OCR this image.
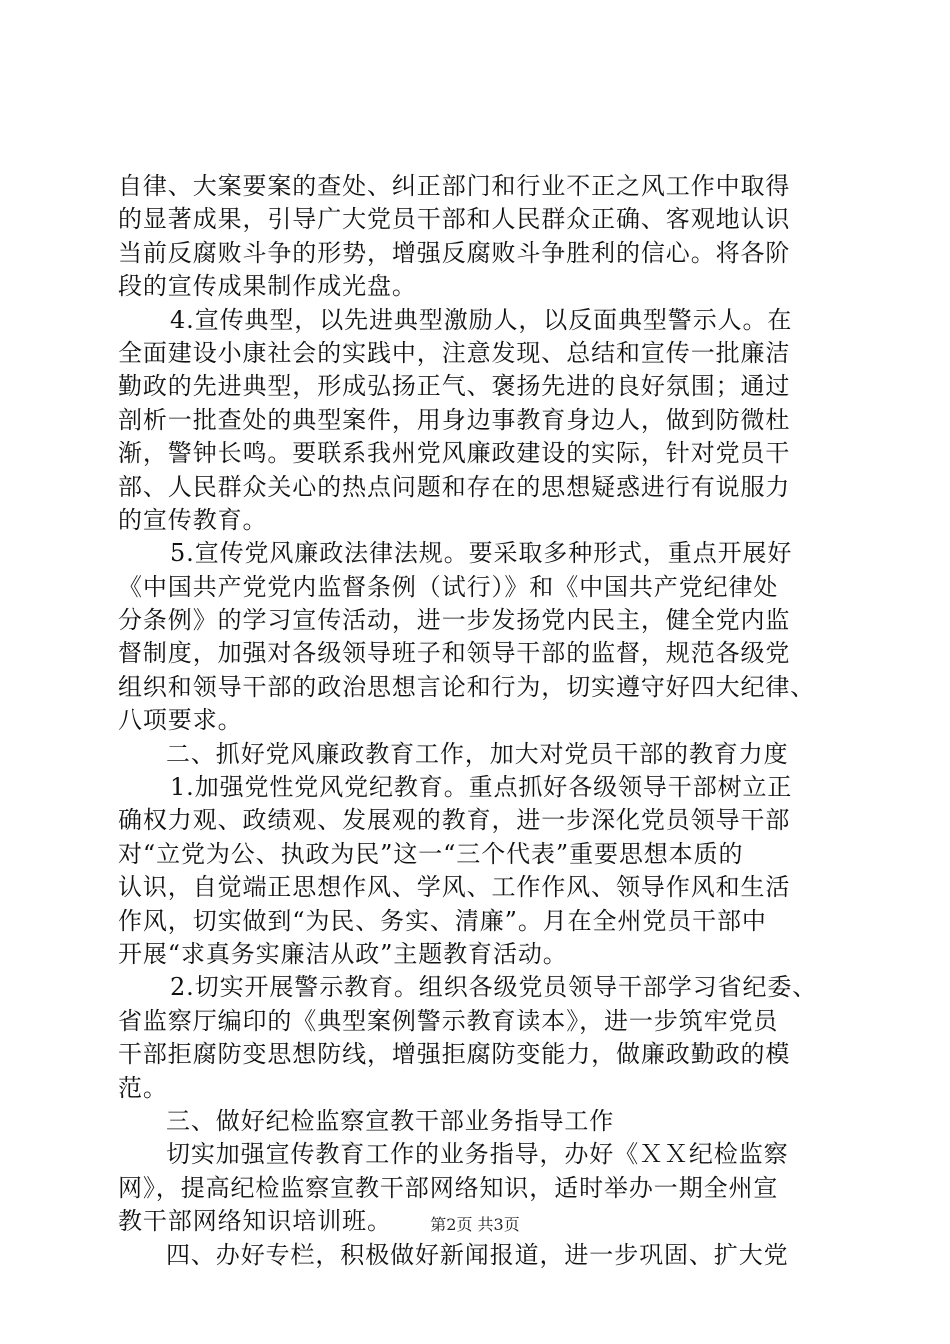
自律、大案要案的查处、纠正部门和行业不正之风工作中取得
的显著成果，引导广大党员干部和人民群众正确、客观地认识
当前反腐败斗争的形势，增强反腐败斗争胜利的信心。将各阶
段的宣传成果制作成光盘。
4.宣传典型，以先进典型激励人，以反面典型警示人。在
全面建设小康社会的实践中，注意发现、总结和宣传一批廉洁
勤政的先进典型，形成弘扬正气、褒扬先进的良好氛围；通过
剖析一批查处的典型案件，用身边事教育身边人，做到防微杜
渐，警钟长鸣。要联系我州党风廉政建设的实际，针对党员干
部、人民群众关心的热点问题和存在的思想疑惑进行有说服力
的宣传教育。
5.宣传党风廉政法律法规。要采取多种形式，重点开展好
《中国共产党党内监督条例（试行）》和《中国共产党纪律处
分条例》的学习宣传活动，进一步发扬党内民主，健全党内监
督制度，加强对各级领导班子和领导干部的监督，规范各级党
组织和领导干部的政治思想言论和行为，切实遵守好四大纪律、
八项要求。
二、抓好党风廉政教育工作，加大对党员干部的教育力度
1.加强党性党风党纪教育。重点抓好各级领导干部树立正
确权力观、政绩观、发展观的教育，进一步深化党员领导干部
对“立党为公、执政为民”这一“三个代表”重要思想本质的
认识，自觉端正思想作风、学风、工作作风、领导作风和生活
作风，切实做到“为民、务实、清廉”。月在全州党员干部中
开展“求真务实廉洁从政”主题教育活动。
2.切实开展警示教育。组织各级党员领导干部学习省纪委、
省监察厅编印的《典型案例警示教育读本》，进一步筑牢党员
干部拒腐防变思想防线，增强拒腐防变能力，做廉政勤政的模
范。
三、做好纪检监察宣教干部业务指导工作
切实加强宣传教育工作的业务指导，办好《ＸＸ纪检监察
网》，提高纪检监察宣教干部网络知识，适时举办一期全州宣
教干部网络知识培训班。
四、办好专栏，积极做好新闻报道，进一步巩固、扩大党
第2页 共3页
